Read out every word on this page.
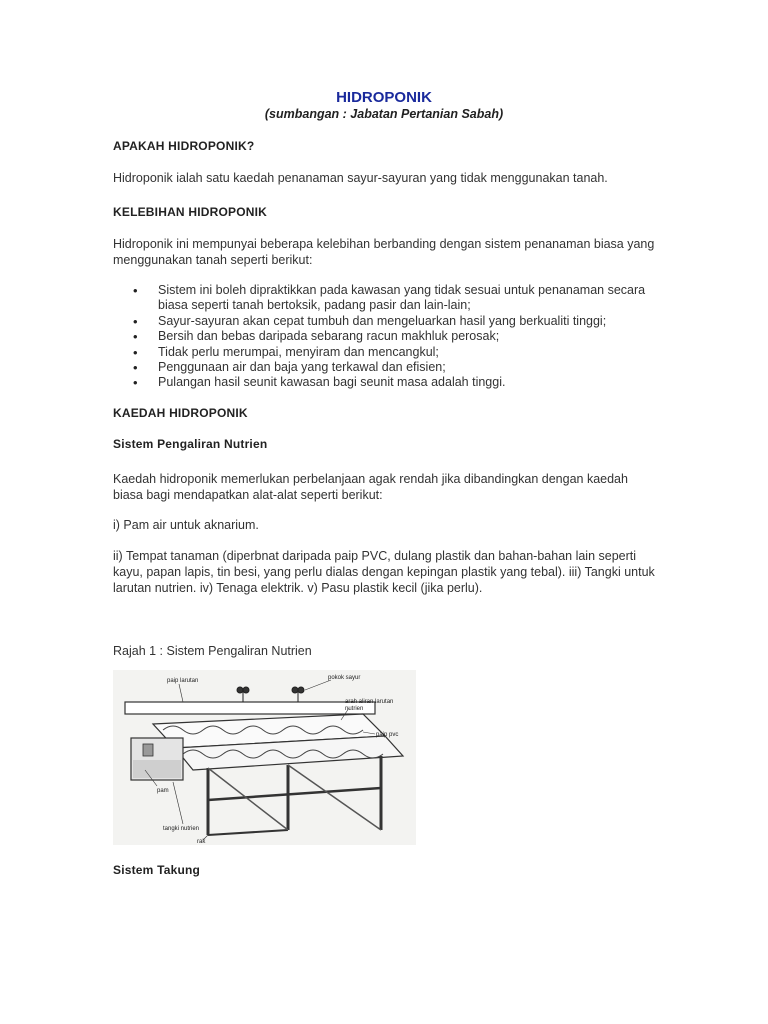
HIDROPONIK
(sumbangan : Jabatan Pertanian Sabah)
APAKAH HIDROPONIK?
Hidroponik ialah satu kaedah penanaman sayur-sayuran yang tidak menggunakan tanah.
KELEBIHAN HIDROPONIK
Hidroponik ini mempunyai beberapa kelebihan berbanding dengan sistem penanaman biasa yang menggunakan tanah seperti berikut:
• Sistem ini boleh dipraktikkan pada kawasan yang tidak sesuai untuk penanaman secara biasa seperti tanah bertoksik, padang pasir dan lain-lain;
• Sayur-sayuran akan cepat tumbuh dan mengeluarkan hasil yang berkualiti tinggi;
• Bersih dan bebas daripada sebarang racun makhluk perosak;
• Tidak perlu merumpai, menyiram dan mencangkul;
• Penggunaan air dan baja yang terkawal dan efisien;
• Pulangan hasil seunit kawasan bagi seunit masa adalah tinggi.
KAEDAH HIDROPONIK
Sistem Pengaliran Nutrien
Kaedah hidroponik memerlukan perbelanjaan agak rendah jika dibandingkan dengan kaedah biasa bagi mendapatkan alat-alat seperti berikut:
i) Pam air untuk aknarium.
ii) Tempat tanaman (diperbnat daripada paip PVC, dulang plastik dan bahan-bahan lain seperti kayu, papan lapis, tin besi, yang perlu dialas dengan kepingan plastik yang tebal). iii) Tangki untuk larutan nutrien. iv) Tenaga elektrik. v) Pasu plastik kecil (jika perlu).
Rajah 1 : Sistem Pengaliran Nutrien
paip larutan	pokok sayur
arah aliran larutan
nutrien
paip pvc
pam
tangki nutrien
rak
Sistem Takung
